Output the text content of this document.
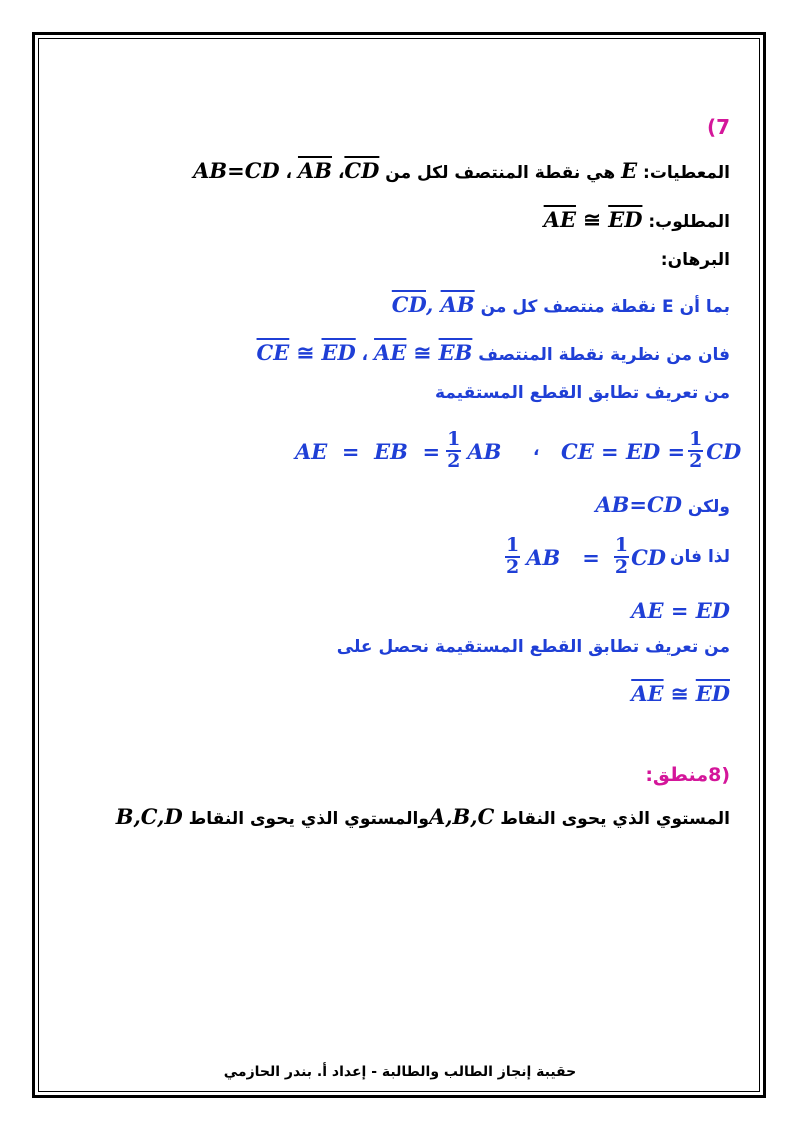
(7
المعطيات: E هي نقطة المنتصف لكل من $\overline{CD}،$ $\overline{AB}$ ، AB=CD
المطلوب: $\overline{AE}$ ≅ $\overline{ED}$
البرهان:
بما أن E نقطة منتصف كل من $\overline{CD}$, $\overline{AB}$
فان من نظرية نقطة المنتصف $\overline{AE}$ ≅ $\overline{EB}$ ، $\overline{CE}$ ≅ $\overline{ED}$
من تعريف تطابق القطع المستقيمة
AE  =  EB  = $\frac{1}{2}$ AB ، CE = ED = $\frac{1}{2}$ CD
ولكن AB=CD
$\frac{1}{2}$ AB   = $\frac{1}{2}$ CD لذا فان
AE = ED
من تعريف تطابق القطع المستقيمة نحصل على
$\overline{AE}$ ≅ $\overline{ED}$
8)منطق:
المستوي الذي يحوى النقاط A,B,Cوالمستوي الذي يحوى النقاط B,C,D
حقيبة إنجاز الطالب والطالبة - إعداد أ. بندر الحازمي
